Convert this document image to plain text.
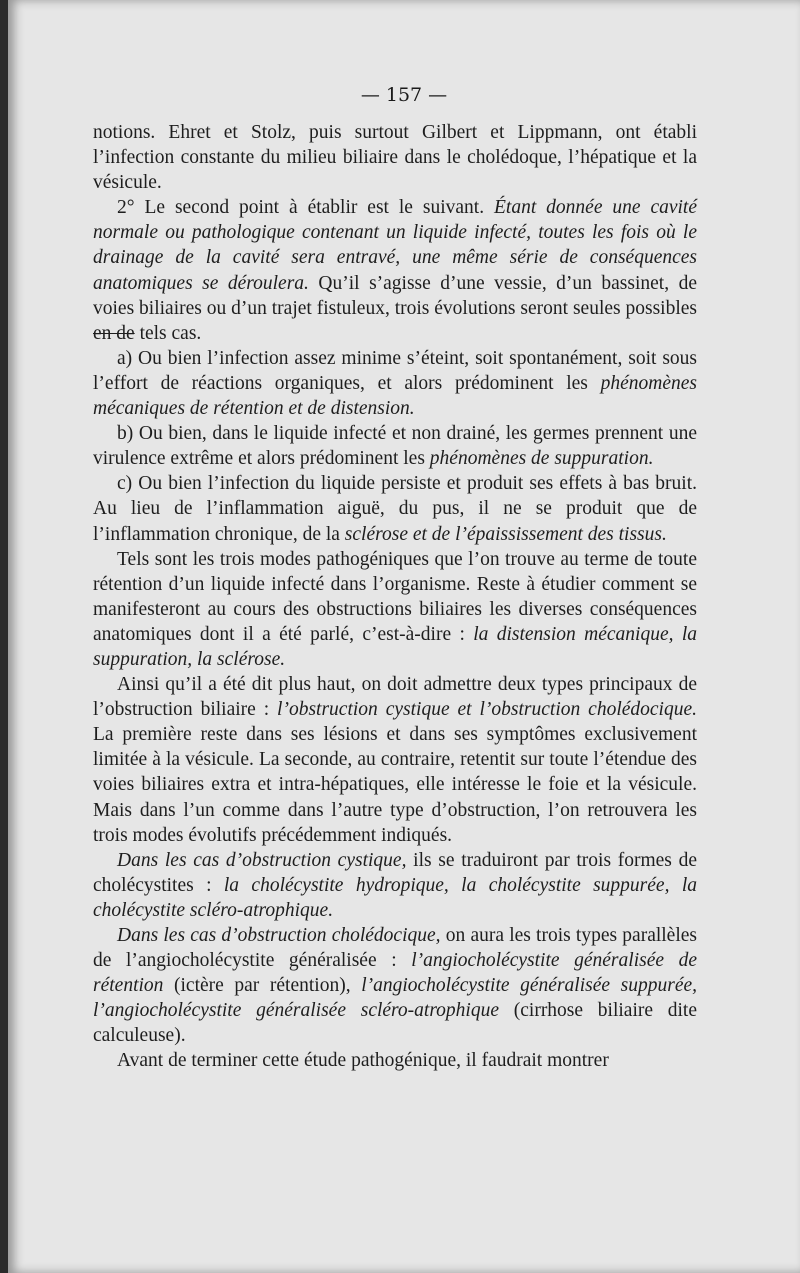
— 157 —

notions. Ehret et Stolz, puis surtout Gilbert et Lippmann, ont établi l’infection constante du milieu biliaire dans le cholédoque, l’hépatique et la vésicule.

2° Le second point à établir est le suivant. Étant donnée une cavité normale ou pathologique contenant un liquide infecté, toutes les fois où le drainage de la cavité sera entravé, une même série de conséquences anatomiques se déroulera. Qu’il s’agisse d’une vessie, d’un bassinet, de voies biliaires ou d’un trajet fistuleux, trois évolutions seront seules possibles en de tels cas.

a) Ou bien l’infection assez minime s’éteint, soit spontanément, soit sous l’effort de réactions organiques, et alors prédominent les phénomènes mécaniques de rétention et de distension.

b) Ou bien, dans le liquide infecté et non drainé, les germes prennent une virulence extrême et alors prédominent les phénomènes de suppuration.

c) Ou bien l’infection du liquide persiste et produit ses effets à bas bruit. Au lieu de l’inflammation aiguë, du pus, il ne se produit que de l’inflammation chronique, de la sclérose et de l’épaississement des tissus.

Tels sont les trois modes pathogéniques que l’on trouve au terme de toute rétention d’un liquide infecté dans l’organisme. Reste à étudier comment se manifesteront au cours des obstructions biliaires les diverses conséquences anatomiques dont il a été parlé, c’est-à-dire : la distension mécanique, la suppuration, la sclérose.

Ainsi qu’il a été dit plus haut, on doit admettre deux types principaux de l’obstruction biliaire : l’obstruction cystique et l’obstruction cholédocique. La première reste dans ses lésions et dans ses symptômes exclusivement limitée à la vésicule. La seconde, au contraire, retentit sur toute l’étendue des voies biliaires extra et intra-hépatiques, elle intéresse le foie et la vésicule. Mais dans l’un comme dans l’autre type d’obstruction, l’on retrouvera les trois modes évolutifs précédemment indiqués.

Dans les cas d’obstruction cystique, ils se traduiront par trois formes de cholécystites : la cholécystite hydropique, la cholécystite suppurée, la cholécystite scléro-atrophique.

Dans les cas d’obstruction cholédocique, on aura les trois types parallèles de l’angiocholécystite généralisée : l’angiocholécystite généralisée de rétention (ictère par rétention), l’angiocholécystite généralisée suppurée, l’angiocholécystite généralisée scléro-atrophique (cirrhose biliaire dite calculeuse).

Avant de terminer cette étude pathogénique, il faudrait montrer
